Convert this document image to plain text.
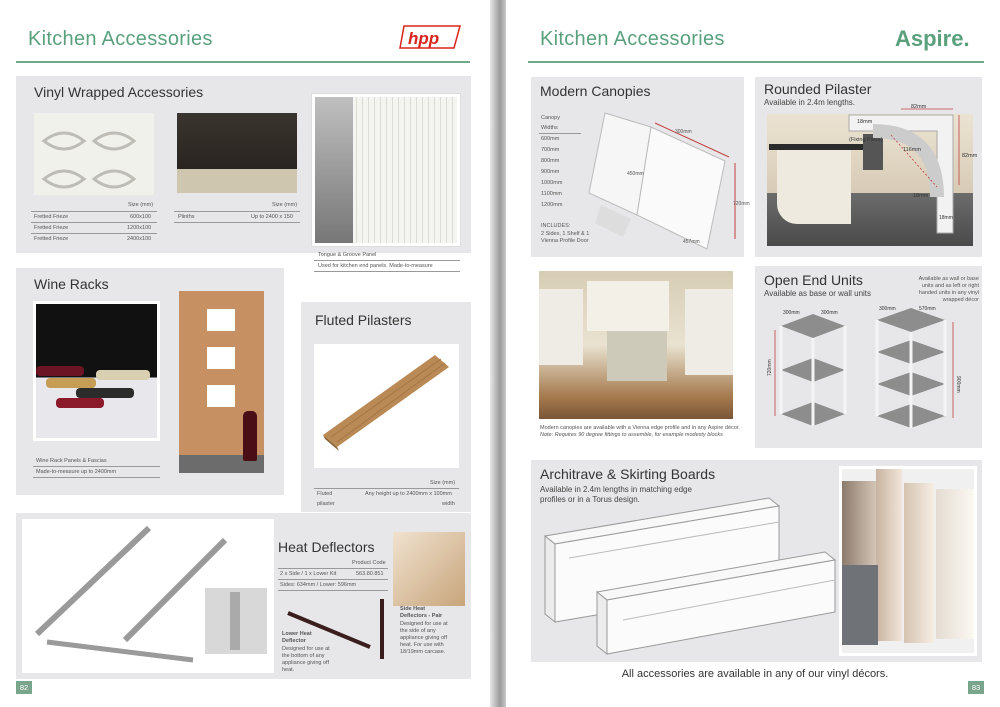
Kitchen Accessories	hpp
Vinyl Wrapped Accessories
Size (mm)
Fretted Frieze	600x100
Fretted Frieze	1200x100
Fretted Frieze	2400x100
Size (mm)
Plinths	Up to 2400 x 150
Tongue & Groove Panel
Used for kitchen end panels. Made-to-measure
Wine Racks
Wine Rack Panels & Fascias
Made-to-measure up to 2400mm
Fluted Pilasters
Size (mm)
Fluted	Any height up to 2400mm x 100mm
pilaster	width
Heat Deflectors
Product Code
2 x Side / 1 x Lower Kit	563.80.851
Sides: 634mm / Lower: 596mm
Lower Heat Deflector
Designed for use at the bottom of any appliance giving off heat.
Side Heat Deflectors - Pair
Designed for use at the side of any appliance giving off heat. For use with 18/19mm carcase.
82
Kitchen Accessories	Aspire.
Modern Canopies
Canopy
Widths
600mm
700mm
800mm
900mm
1000mm
1100mm
1200mm
INCLUDES:
2 Sides, 1 Shelf & 1 Vienna Profile Door
300mm
450mm
720mm
457mm
Modern canopies are available with a Vienna edge profile and in any Aspire décor.
Note: Requires 90 degree fittings to assemble, for example modesty blocks
Rounded Pilaster
Available in 2.4m lengths.	82mm
18mm
(Fixing Piece)
116mm
82mm
18mm
18mm
Open End Units
Available as base or wall units
Available as wall or base units and as left or right handed units in any vinyl wrapped décor
300mm	300mm
720mm
300mm	570mm
900mm
Architrave & Skirting Boards
Available in 2.4m lengths in matching edge profiles or in a Torus design.
All accessories are available in any of our vinyl décors.
83
